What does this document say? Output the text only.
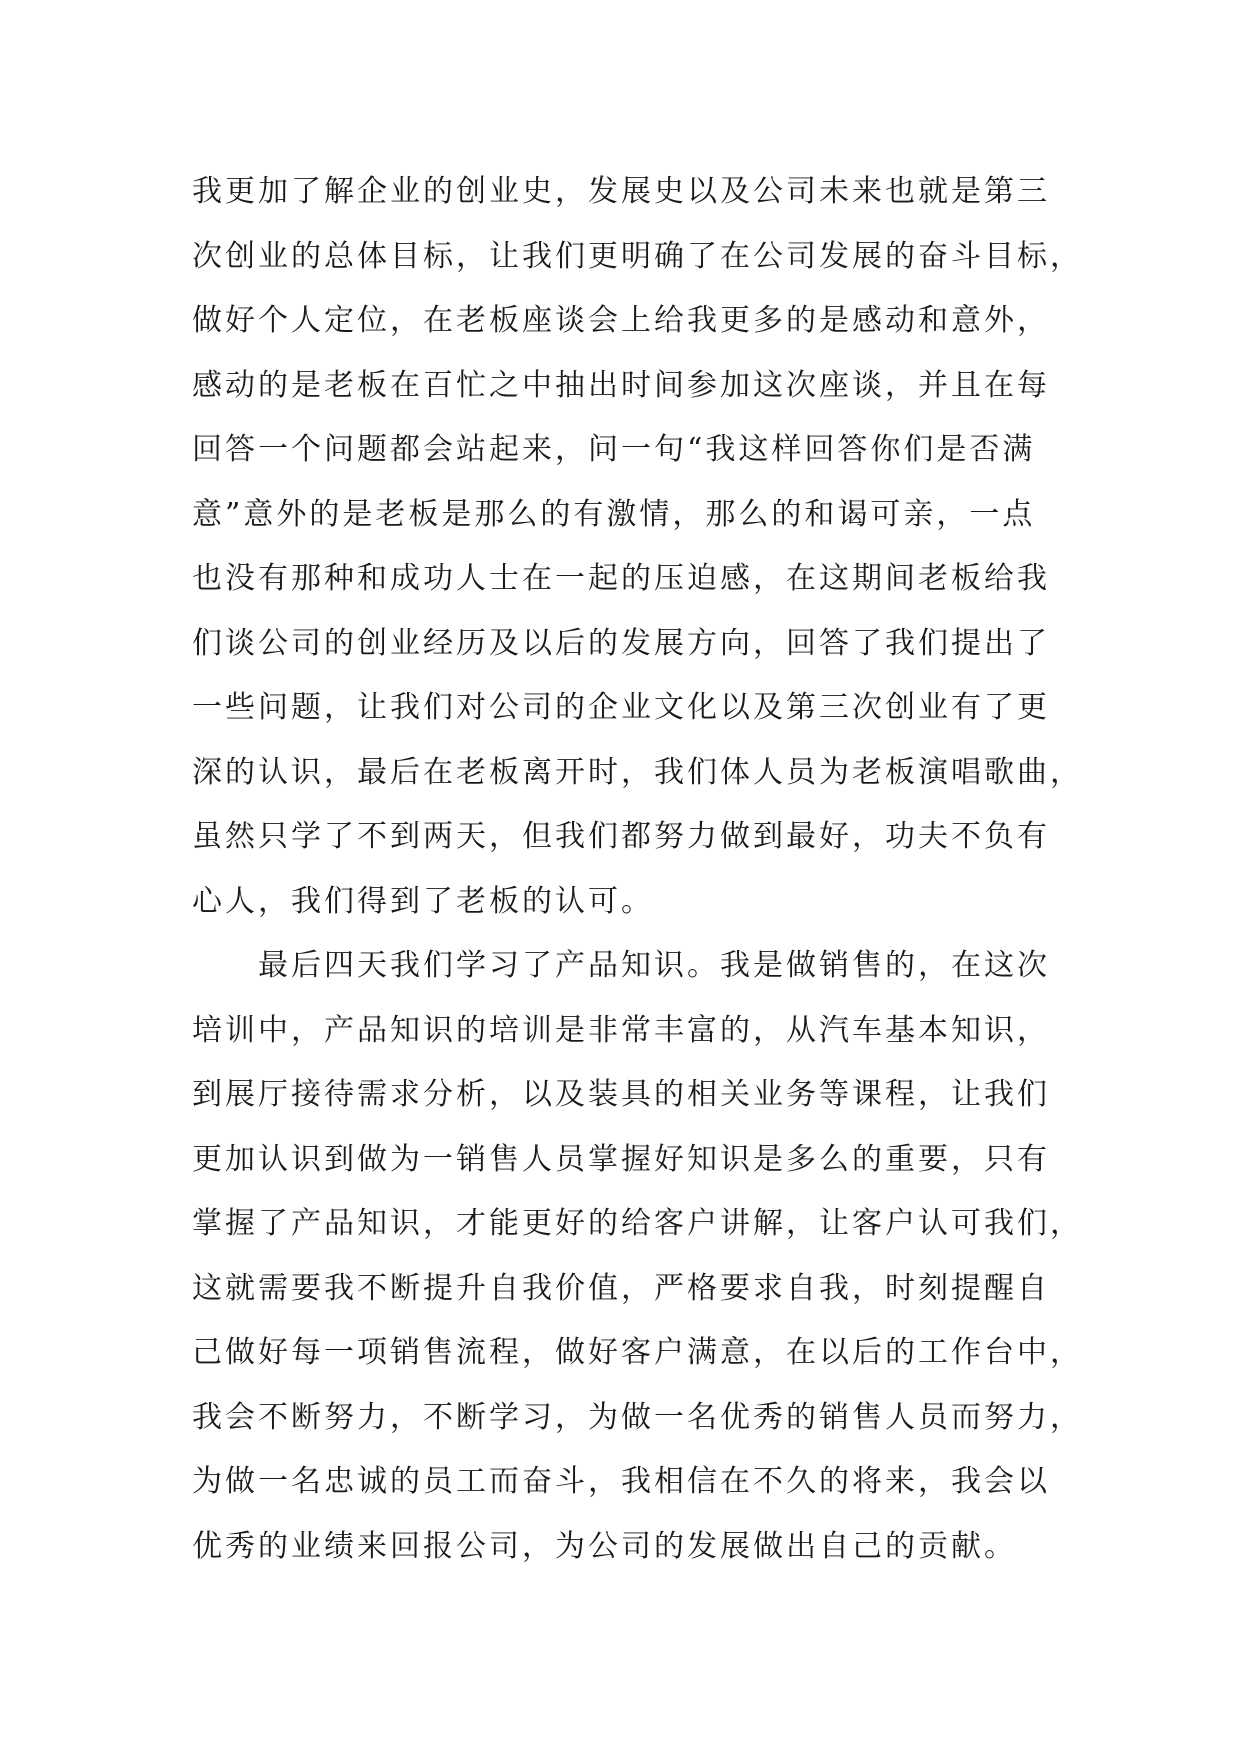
我更加了解企业的创业史，发展史以及公司未来也就是第三
次创业的总体目标，让我们更明确了在公司发展的奋斗目标，
做好个人定位，在老板座谈会上给我更多的是感动和意外，
感动的是老板在百忙之中抽出时间参加这次座谈，并且在每
回答一个问题都会站起来，问一句“我这样回答你们是否满
意”意外的是老板是那么的有激情，那么的和谒可亲，一点
也没有那种和成功人士在一起的压迫感，在这期间老板给我
们谈公司的创业经历及以后的发展方向，回答了我们提出了
一些问题，让我们对公司的企业文化以及第三次创业有了更
深的认识，最后在老板离开时，我们体人员为老板演唱歌曲，
虽然只学了不到两天，但我们都努力做到最好，功夫不负有
心人，我们得到了老板的认可。
最后四天我们学习了产品知识。我是做销售的，在这次
培训中，产品知识的培训是非常丰富的，从汽车基本知识，
到展厅接待需求分析，以及装具的相关业务等课程，让我们
更加认识到做为一销售人员掌握好知识是多么的重要，只有
掌握了产品知识，才能更好的给客户讲解，让客户认可我们，
这就需要我不断提升自我价值，严格要求自我，时刻提醒自
己做好每一项销售流程，做好客户满意，在以后的工作台中，
我会不断努力，不断学习，为做一名优秀的销售人员而努力，
为做一名忠诚的员工而奋斗，我相信在不久的将来，我会以
优秀的业绩来回报公司，为公司的发展做出自己的贡献。
